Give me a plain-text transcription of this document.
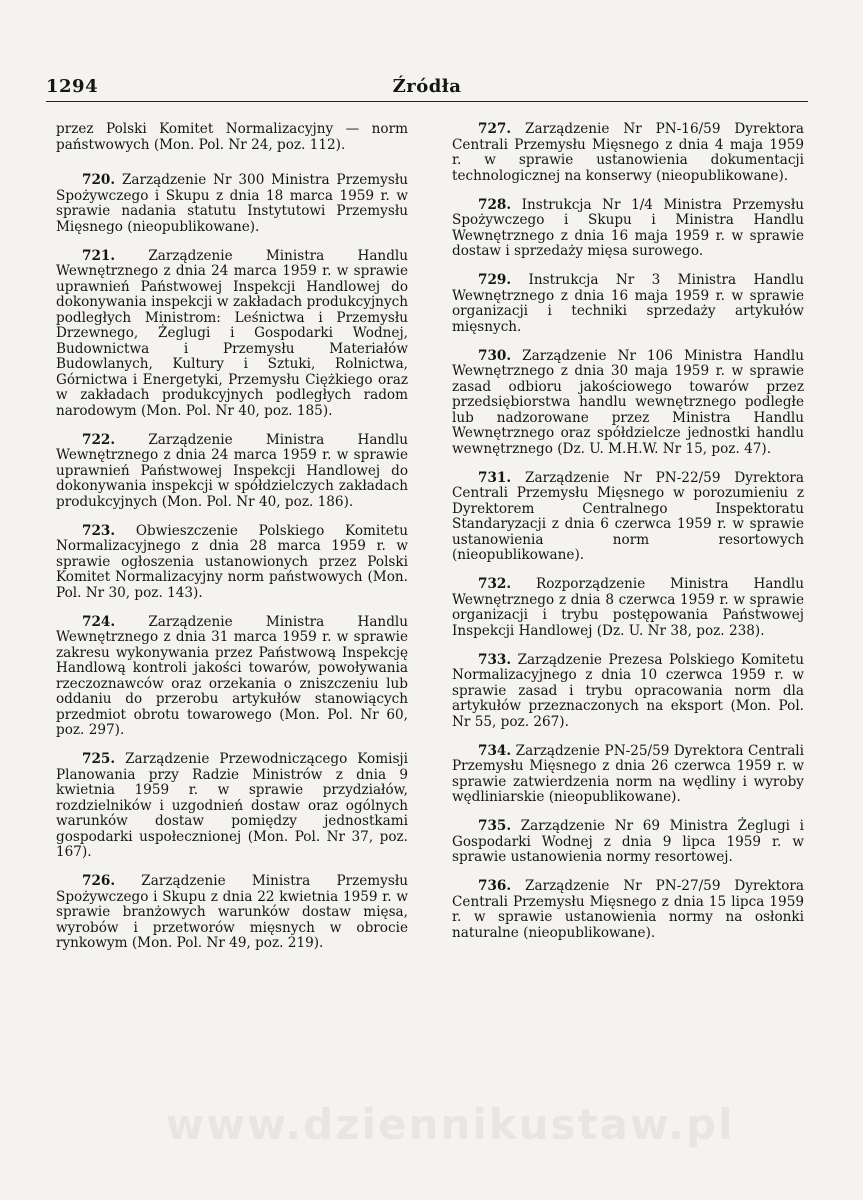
1294	Źródła

przez Polski Komitet Normalizacyjny — norm państwowych (Mon. Pol. Nr 24, poz. 112).

720. Zarządzenie Nr 300 Ministra Przemysłu Spożywczego i Skupu z dnia 18 marca 1959 r. w sprawie nadania statutu Instytutowi Przemysłu Mięsnego (nieopublikowane).

721. Zarządzenie Ministra Handlu Wewnętrznego z dnia 24 marca 1959 r. w sprawie uprawnień Państwowej Inspekcji Handlowej do dokonywania inspekcji w zakładach produkcyjnych podległych Ministrom: Leśnictwa i Przemysłu Drzewnego, Żeglugi i Gospodarki Wodnej, Budownictwa i Przemysłu Materiałów Budowlanych, Kultury i Sztuki, Rolnictwa, Górnictwa i Energetyki, Przemysłu Ciężkiego oraz w zakładach produkcyjnych podległych radom narodowym (Mon. Pol. Nr 40, poz. 185).

722. Zarządzenie Ministra Handlu Wewnętrznego z dnia 24 marca 1959 r. w sprawie uprawnień Państwowej Inspekcji Handlowej do dokonywania inspekcji w spółdzielczych zakładach produkcyjnych (Mon. Pol. Nr 40, poz. 186).

723. Obwieszczenie Polskiego Komitetu Normalizacyjnego z dnia 28 marca 1959 r. w sprawie ogłoszenia ustanowionych przez Polski Komitet Normalizacyjny norm państwowych (Mon. Pol. Nr 30, poz. 143).

724. Zarządzenie Ministra Handlu Wewnętrznego z dnia 31 marca 1959 r. w sprawie zakresu wykonywania przez Państwową Inspekcję Handlową kontroli jakości towarów, powoływania rzeczoznawców oraz orzekania o zniszczeniu lub oddaniu do przerobu artykułów stanowiących przedmiot obrotu towarowego (Mon. Pol. Nr 60, poz. 297).

725. Zarządzenie Przewodniczącego Komisji Planowania przy Radzie Ministrów z dnia 9 kwietnia 1959 r. w sprawie przydziałów, rozdzielników i uzgodnień dostaw oraz ogólnych warunków dostaw pomiędzy jednostkami gospodarki uspołecznionej (Mon. Pol. Nr 37, poz. 167).

726. Zarządzenie Ministra Przemysłu Spożywczego i Skupu z dnia 22 kwietnia 1959 r. w sprawie branżowych warunków dostaw mięsa, wyrobów i przetworów mięsnych w obrocie rynkowym (Mon. Pol. Nr 49, poz. 219).

727. Zarządzenie Nr PN-16/59 Dyrektora Centrali Przemysłu Mięsnego z dnia 4 maja 1959 r. w sprawie ustanowienia dokumentacji technologicznej na konserwy (nieopublikowane).

728. Instrukcja Nr 1/4 Ministra Przemysłu Spożywczego i Skupu i Ministra Handlu Wewnętrznego z dnia 16 maja 1959 r. w sprawie dostaw i sprzedaży mięsa surowego.

729. Instrukcja Nr 3 Ministra Handlu Wewnętrznego z dnia 16 maja 1959 r. w sprawie organizacji i techniki sprzedaży artykułów mięsnych.

730. Zarządzenie Nr 106 Ministra Handlu Wewnętrznego z dnia 30 maja 1959 r. w sprawie zasad odbioru jakościowego towarów przez przedsiębiorstwa handlu wewnętrznego podległe lub nadzorowane przez Ministra Handlu Wewnętrznego oraz spółdzielcze jednostki handlu wewnętrznego (Dz. U. M.H.W. Nr 15, poz. 47).

731. Zarządzenie Nr PN-22/59 Dyrektora Centrali Przemysłu Mięsnego w porozumieniu z Dyrektorem Centralnego Inspektoratu Standaryzacji z dnia 6 czerwca 1959 r. w sprawie ustanowienia norm resortowych (nieopublikowane).

732. Rozporządzenie Ministra Handlu Wewnętrznego z dnia 8 czerwca 1959 r. w sprawie organizacji i trybu postępowania Państwowej Inspekcji Handlowej (Dz. U. Nr 38, poz. 238).

733. Zarządzenie Prezesa Polskiego Komitetu Normalizacyjnego z dnia 10 czerwca 1959 r. w sprawie zasad i trybu opracowania norm dla artykułów przeznaczonych na eksport (Mon. Pol. Nr 55, poz. 267).

734. Zarządzenie PN-25/59 Dyrektora Centrali Przemysłu Mięsnego z dnia 26 czerwca 1959 r. w sprawie zatwierdzenia norm na wędliny i wyroby wędliniarskie (nieopublikowane).

735. Zarządzenie Nr 69 Ministra Żeglugi i Gospodarki Wodnej z dnia 9 lipca 1959 r. w sprawie ustanowienia normy resortowej.

736. Zarządzenie Nr PN-27/59 Dyrektora Centrali Przemysłu Mięsnego z dnia 15 lipca 1959 r. w sprawie ustanowienia normy na osłonki naturalne (nieopublikowane).

www.dziennikustaw.pl
